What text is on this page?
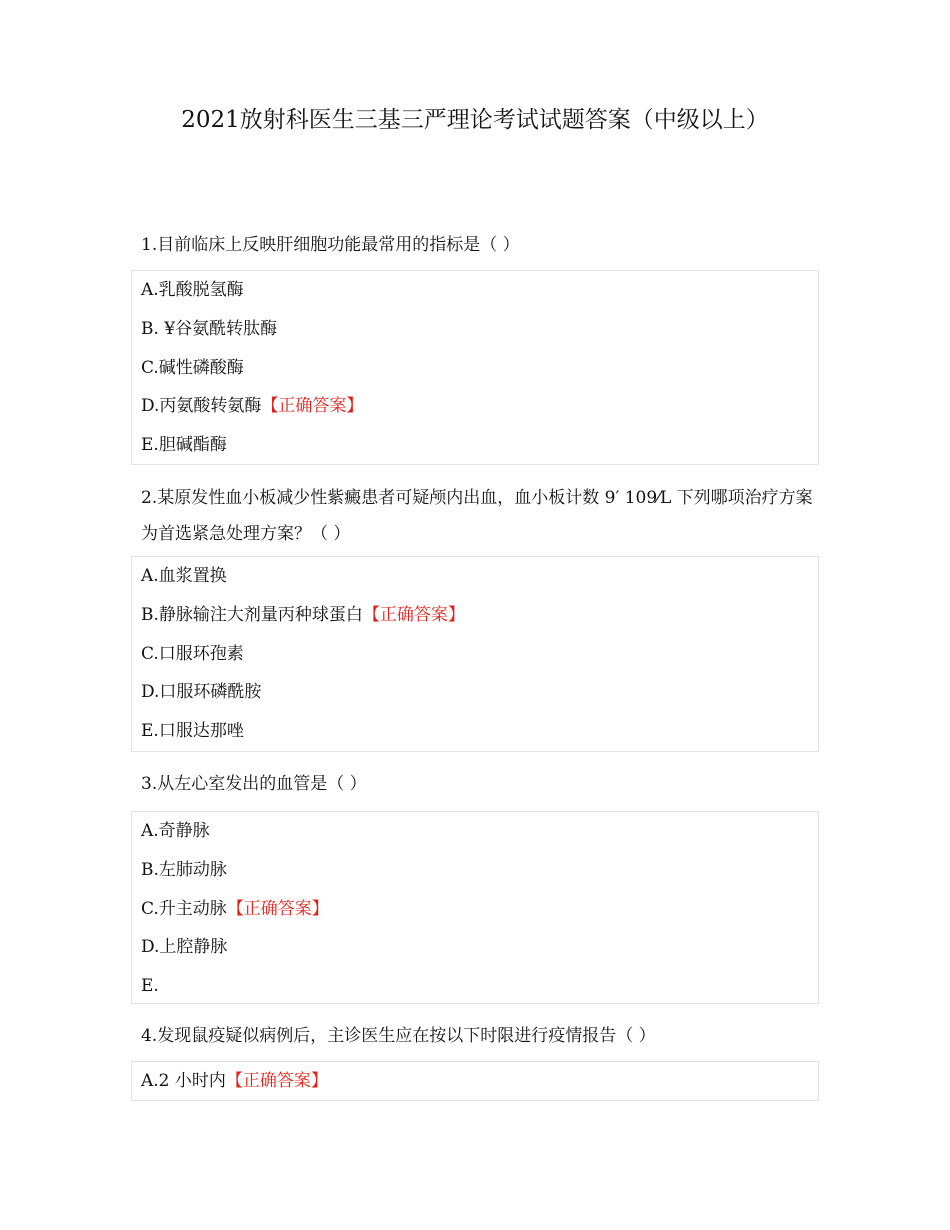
2021放射科医生三基三严理论考试试题答案（中级以上）
1.目前临床上反映肝细胞功能最常用的指标是（ ）
A.乳酸脱氢酶
B. ¥谷氨酰转肽酶
C.碱性磷酸酶
D.丙氨酸转氨酶【正确答案】
E.胆碱酯酶
2.某原发性血小板减少性紫癜患者可疑颅内出血，血小板计数 9′ 109⁄L 下列哪项治疗方案为首选紧急处理方案？（ ）
A.血浆置换
B.静脉输注大剂量丙种球蛋白【正确答案】
C.口服环孢素
D.口服环磷酰胺
E.口服达那唑
3.从左心室发出的血管是（ ）
A.奇静脉
B.左肺动脉
C.升主动脉【正确答案】
D.上腔静脉
E.
4.发现鼠疫疑似病例后，主诊医生应在按以下时限进行疫情报告（ ）
A.2 小时内【正确答案】
